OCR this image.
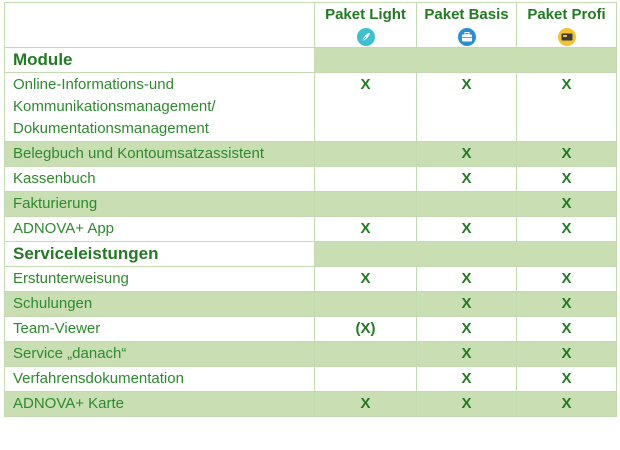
	Paket Light	Paket Basis	Paket Profi

Module			
Online-Informations-und Kommunikationsmanagement/ Dokumentationsmanagement	X	X	X
Belegbuch und Kontoumsatzassistent		X	X
Kassenbuch		X	X
Fakturierung			X
ADNOVA+ App	X	X	X
Serviceleistungen			
Erstunterweisung	X	X	X
Schulungen		X	X
Team-Viewer	(X)	X	X
Service „danach“		X	X
Verfahrensdokumentation		X	X
ADNOVA+ Karte	X	X	X
